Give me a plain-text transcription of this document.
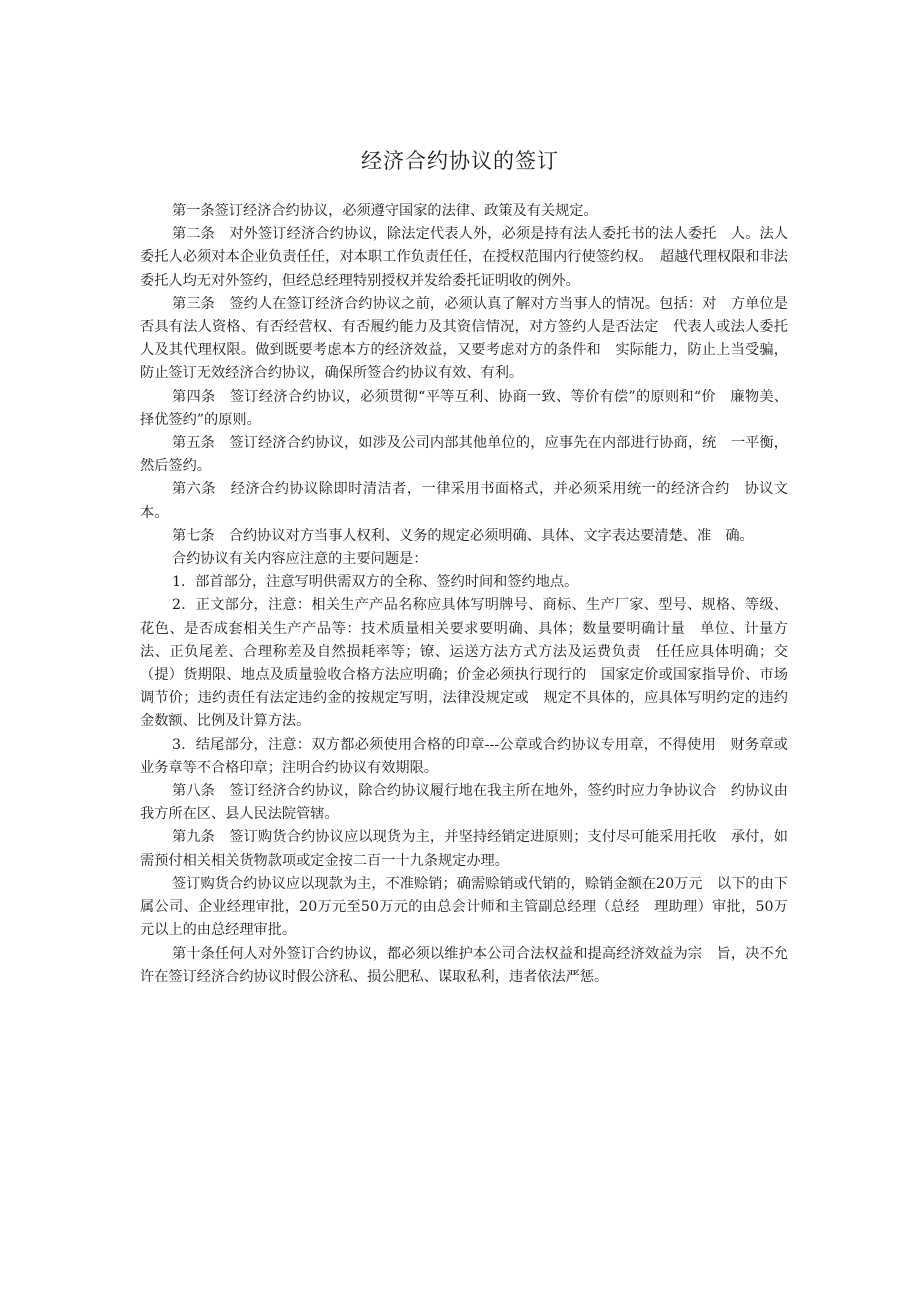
经济合约协议的签订

第一条签订经济合约协议，必须遵守国家的法律、政策及有关规定。

第二条　对外签订经济合约协议，除法定代表人外，必须是持有法人委托书的法人委托　人。法人委托人必须对本企业负责任任，对本职工作负责任任，在授权范围内行使签约权。　超越代理权限和非法委托人均无对外签约，但经总经理特别授权并发给委托证明收的例外。

第三条　签约人在签订经济合约协议之前，必须认真了解对方当事人的情况。包括：对　方单位是否具有法人资格、有否经营权、有否履约能力及其资信情况，对方签约人是否法定　代表人或法人委托人及其代理权限。做到既要考虑本方的经济效益，又要考虑对方的条件和　实际能力，防止上当受骗，防止签订无效经济合约协议，确保所签合约协议有效、有利。

第四条　签订经济合约协议，必须贯彻“平等互利、协商一致、等价有偿”的原则和“价　廉物美、择优签约”的原则。

第五条　签订经济合约协议，如涉及公司内部其他单位的，应事先在内部进行协商，统　一平衡，然后签约。

第六条　经济合约协议除即时清洁者，一律采用书面格式，并必须采用统一的经济合约　协议文本。

第七条　合约协议对方当事人权利、义务的规定必须明确、具体、文字表达要清楚、准　确。

合约协议有关内容应注意的主要问题是：

1．部首部分，注意写明供需双方的全称、签约时间和签约地点。

2．正文部分，注意：相关生产产品名称应具体写明牌号、商标、生产厂家、型号、规格、等级、花色、是否成套相关生产产品等：技术质量相关要求要明确、具体；数量要明确计量　单位、计量方法、正负尾差、合理称差及自然损耗率等；镣、运送方法方式方法及运费负责　任任应具体明确；交（提）货期限、地点及质量验收合格方法应明确；价金必须执行现行的　国家定价或国家指导价、市场调节价；违约责任有法定违约金的按规定写明，法律没规定或　规定不具体的，应具体写明约定的违约金数额、比例及计算方法。

3．结尾部分，注意：双方都必须使用合格的印章---公章或合约协议专用章，不得使用　财务章或业务章等不合格印章；注明合约协议有效期限。

第八条　签订经济合约协议，除合约协议履行地在我主所在地外，签约时应力争协议合　约协议由我方所在区、县人民法院管辖。

第九条　签订购货合约协议应以现货为主，并坚持经销定进原则；支付尽可能采用托收　承付，如需预付相关相关货物款项或定金按二百一十九条规定办理。

签订购货合约协议应以现款为主，不准赊销；确需赊销或代销的，赊销金额在20万元　以下的由下属公司、企业经理审批，20万元至50万元的由总会计师和主管副总经理（总经　理助理）审批，50万元以上的由总经理审批。

第十条任何人对外签订合约协议，都必须以维护本公司合法权益和提高经济效益为宗　旨，决不允许在签订经济合约协议时假公济私、损公肥私、谋取私利，违者依法严惩。
